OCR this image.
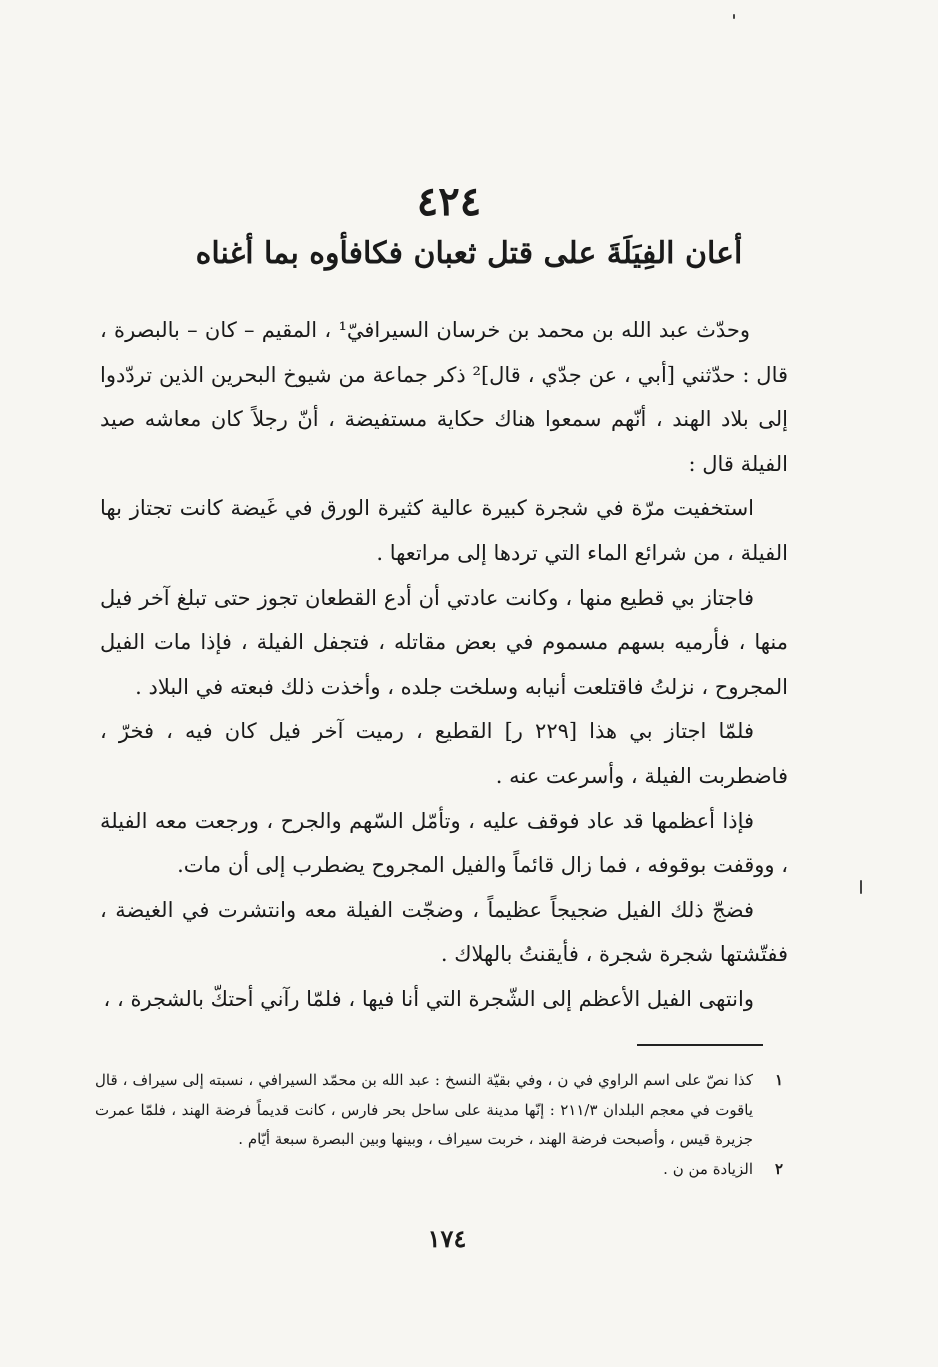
٤٢٤
أعان الفِيَلَةَ على قتل ثعبان فكافأوه بما أغناه

وحدّث عبد الله بن محمد بن خرسان السيرافيّ¹ ، المقيم – كان – بالبصرة ، قال : حدّثني [أبي ، عن جدّي ، قال]² ذكر جماعة من شيوخ البحرين الذين تردّدوا إلى بلاد الهند ، أنّهم سمعوا هناك حكاية مستفيضة ، أنّ رجلاً كان معاشه صيد الفيلة قال :

استخفيت مرّة في شجرة كبيرة عالية كثيرة الورق في غَيضة كانت تجتاز بها الفيلة ، من شرائع الماء التي تردها إلى مراتعها .

فاجتاز بي قطيع منها ، وكانت عادتي أن أدع القطعان تجوز حتى تبلغ آخر فيل منها ، فأرميه بسهم مسموم في بعض مقاتله ، فتجفل الفيلة ، فإذا مات الفيل المجروح ، نزلتُ فاقتلعت أنيابه وسلخت جلده ، وأخذت ذلك فبعته في البلاد .

فلمّا اجتاز بي هذا [٢٢٩ ر] القطيع ، رميت آخر فيل كان فيه ، فخرّ ، فاضطربت الفيلة ، وأسرعت عنه .

فإذا أعظمها قد عاد فوقف عليه ، وتأمّل السّهم والجرح ، ورجعت معه الفيلة ، ووقفت بوقوفه ، فما زال قائماً والفيل المجروح يضطرب إلى أن مات.

فضجّ ذلك الفيل ضجيجاً عظيماً ، وضجّت الفيلة معه وانتشرت في الغيضة ، ففتّشتها شجرة شجرة ، فأيقنتُ بالهلاك .

وانتهى الفيل الأعظم إلى الشّجرة التي أنا فيها ، فلمّا رآني أحتكّ بالشجرة ، ،

١
كذا نصّ على اسم الراوي في ن ، وفي بقيّة النسخ : عبد الله بن محمّد السيرافي ، نسبته إلى سيراف ، قال ياقوت في معجم البلدان ٢١١/٣ : إنّها مدينة على ساحل بحر فارس ، كانت قديماً فرضة الهند ، فلمّا عمرت جزيرة قيس ، وأصبحت فرضة الهند ، خربت سيراف ، وبينها وبين البصرة سبعة أيّام .
٢
الزيادة من ن .
١٧٤
